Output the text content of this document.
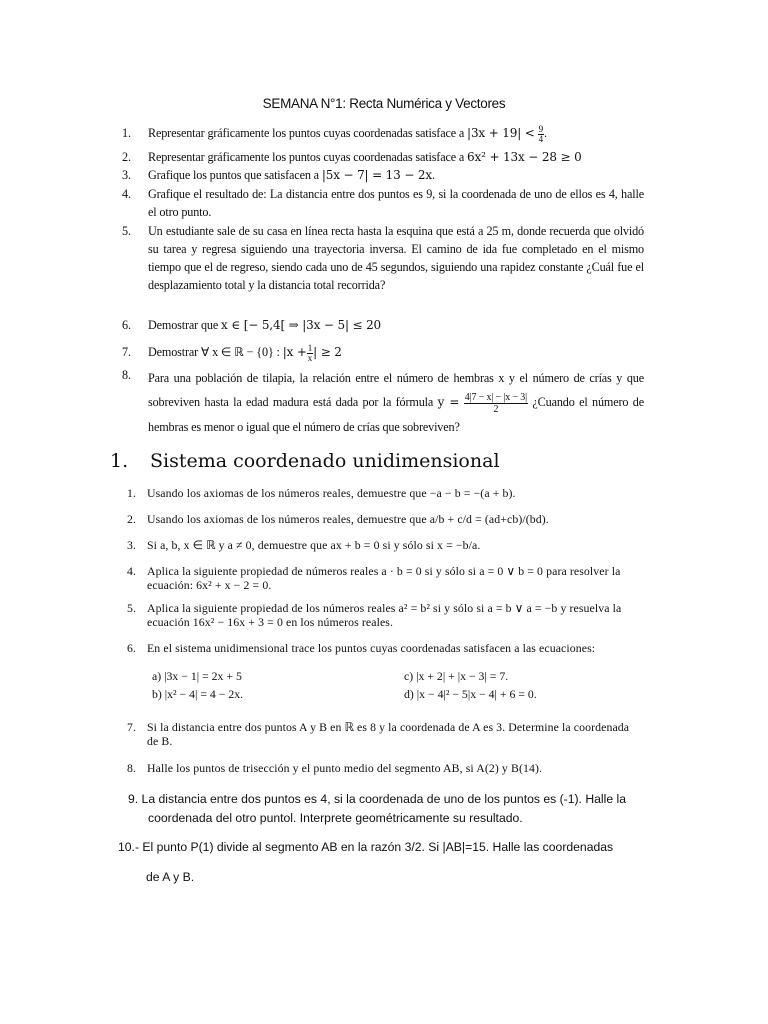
SEMANA N°1: Recta Numérica y Vectores
1.	Representar gráficamente los puntos cuyas coordenadas satisface a $|3x + 19| < \frac{9}{4}$ .
2.	Representar gráficamente los puntos cuyas coordenadas satisface a 6x² + 13x − 28 ≥ 0
3.	Grafique los puntos que satisfacen a |5x − 7| = 13 − 2x.
4.	Grafique el resultado de: La distancia entre dos puntos es 9, si la coordenada de uno de ellos es 4, halle el otro punto.
5.	Un estudiante sale de su casa en línea recta hasta la esquina que está a 25 m, donde recuerda que olvidó su tarea y regresa siguiendo una trayectoria inversa. El camino de ida fue completado en el mismo tiempo que el de regreso, siendo cada uno de 45 segundos, siguiendo una rapidez constante ¿Cuál fue el desplazamiento total y la distancia total recorrida?
6.	Demostrar que x ∈ [− 5,4[ ⇒ |3x − 5| ≤ 20
7.	Demostrar ∀ x ∈ ℝ − {0} : $|x + \frac{1}{x}$ | ≥ 2
8.	Para una población de tilapia, la relación entre el número de hembras x y el número de crías y que sobreviven hasta la edad madura está dada por la fórmula $y = \frac{4|7 - x| - |x - 3|}{2}$ ¿Cuando el número de hembras es menor o igual que el número de crías que sobreviven?
1. Sistema coordenado unidimensional
1. Usando los axiomas de los números reales, demuestre que −a − b = −(a + b).
2. Usando los axiomas de los números reales, demuestre que a/b + c/d = (ad+cb)/(bd).
3. Si a, b, x ∈ ℝ y a ≠ 0, demuestre que ax + b = 0 si y sólo si x = −b/a.
4. Aplica la siguiente propiedad de números reales a · b = 0 si y sólo si a = 0 ∨ b = 0 para resolver la ecuación: 6x² + x − 2 = 0.
5. Aplica la siguiente propiedad de los números reales a² = b² si y sólo si a = b ∨ a = −b y resuelva la ecuación 16x² − 16x + 3 = 0 en los números reales.
6. En el sistema unidimensional trace los puntos cuyas coordenadas satisfacen a las ecuaciones:
a) |3x − 1| = 2x + 5
b) |x² − 4| = 4 − 2x.
c) |x + 2| + |x − 3| = 7.
d) |x − 4|² − 5|x − 4| + 6 = 0.
7. Si la distancia entre dos puntos A y B en ℝ es 8 y la coordenada de A es 3. Determine la coordenada de B.
8. Halle los puntos de trisección y el punto medio del segmento AB, si A(2) y B(14).
9. La distancia entre dos puntos es 4, si la coordenada de uno de los puntos es (-1). Halle la
coordenada del otro puntol. Interprete geométricamente su resultado.
10.- El punto P(1) divide al segmento AB en la razón 3/2. Si |AB|=15. Halle las coordenadas
de A y B.
